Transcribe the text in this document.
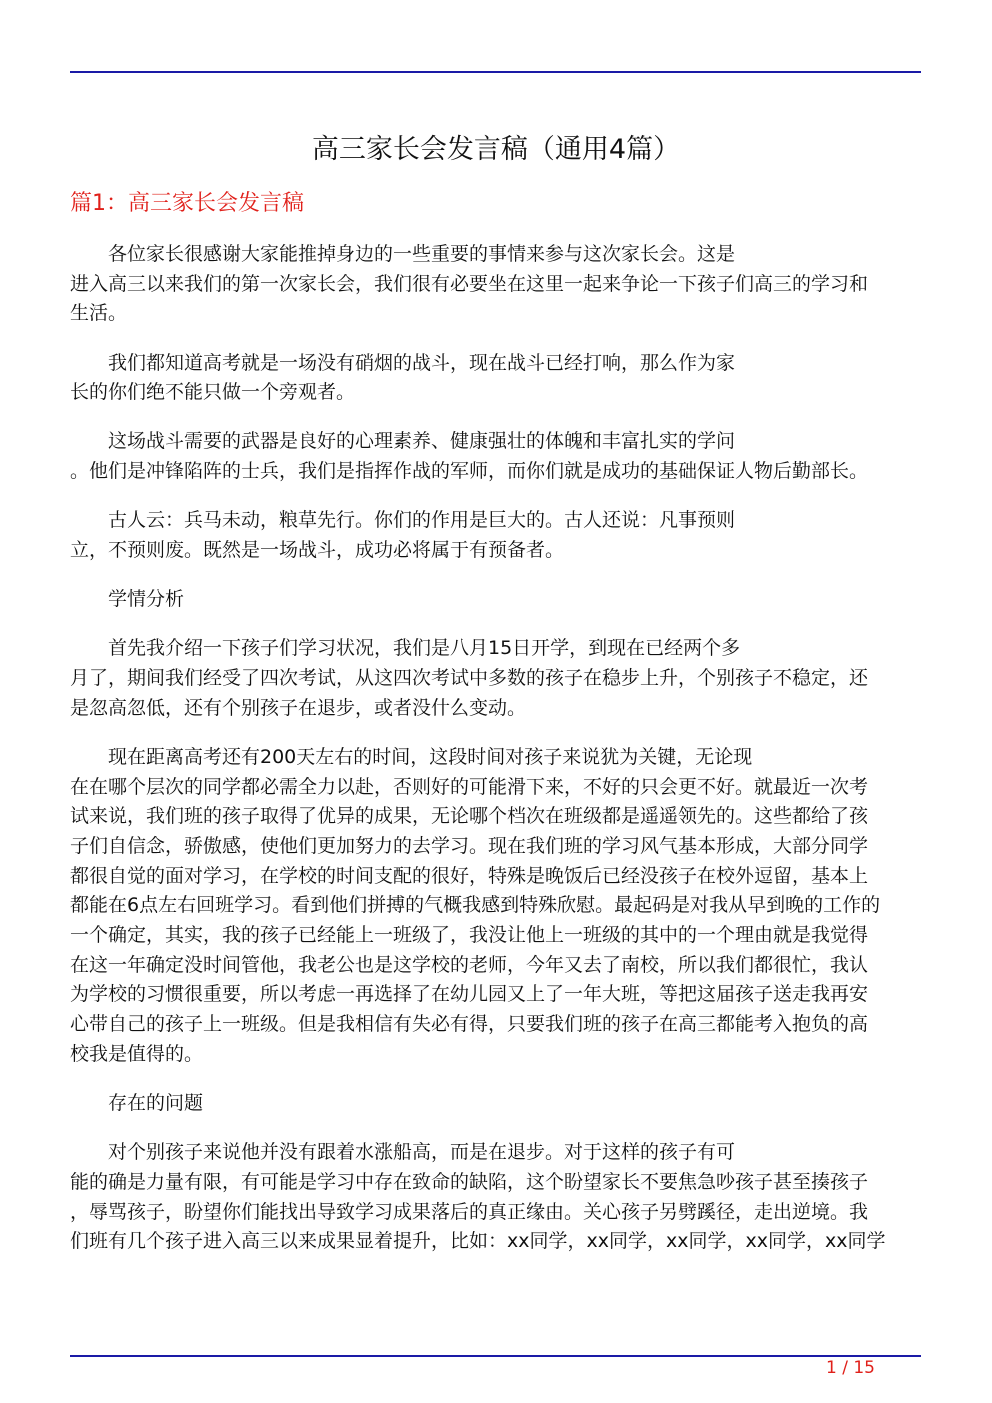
高三家长会发言稿（通用4篇）
篇1：高三家长会发言稿
各位家长很感谢大家能推掉身边的一些重要的事情来参与这次家长会。这是
进入高三以来我们的第一次家长会，我们很有必要坐在这里一起来争论一下孩子们高三的学习和
生活。
我们都知道高考就是一场没有硝烟的战斗，现在战斗已经打响，那么作为家
长的你们绝不能只做一个旁观者。
这场战斗需要的武器是良好的心理素养、健康强壮的体魄和丰富扎实的学问
。他们是冲锋陷阵的士兵，我们是指挥作战的军师，而你们就是成功的基础保证人物后勤部长。
古人云：兵马未动，粮草先行。你们的作用是巨大的。古人还说：凡事预则
立，不预则废。既然是一场战斗，成功必将属于有预备者。
学情分析
首先我介绍一下孩子们学习状况，我们是八月15日开学，到现在已经两个多
月了，期间我们经受了四次考试，从这四次考试中多数的孩子在稳步上升，个别孩子不稳定，还
是忽高忽低，还有个别孩子在退步，或者没什么变动。
现在距离高考还有200天左右的时间，这段时间对孩子来说犹为关键，无论现
在在哪个层次的同学都必需全力以赴，否则好的可能滑下来，不好的只会更不好。就最近一次考
试来说，我们班的孩子取得了优异的成果，无论哪个档次在班级都是遥遥领先的。这些都给了孩
子们自信念，骄傲感，使他们更加努力的去学习。现在我们班的学习风气基本形成，大部分同学
都很自觉的面对学习，在学校的时间支配的很好，特殊是晚饭后已经没孩子在校外逗留，基本上
都能在6点左右回班学习。看到他们拼搏的气概我感到特殊欣慰。最起码是对我从早到晚的工作的
一个确定，其实，我的孩子已经能上一班级了，我没让他上一班级的其中的一个理由就是我觉得
在这一年确定没时间管他，我老公也是这学校的老师，今年又去了南校，所以我们都很忙，我认
为学校的习惯很重要，所以考虑一再选择了在幼儿园又上了一年大班，等把这届孩子送走我再安
心带自己的孩子上一班级。但是我相信有失必有得，只要我们班的孩子在高三都能考入抱负的高
校我是值得的。
存在的问题
对个别孩子来说他并没有跟着水涨船高，而是在退步。对于这样的孩子有可
能的确是力量有限，有可能是学习中存在致命的缺陷，这个盼望家长不要焦急吵孩子甚至揍孩子
，辱骂孩子，盼望你们能找出导致学习成果落后的真正缘由。关心孩子另劈蹊径，走出逆境。我
们班有几个孩子进入高三以来成果显着提升，比如：xx同学，xx同学，xx同学，xx同学，xx同学
1 / 15
